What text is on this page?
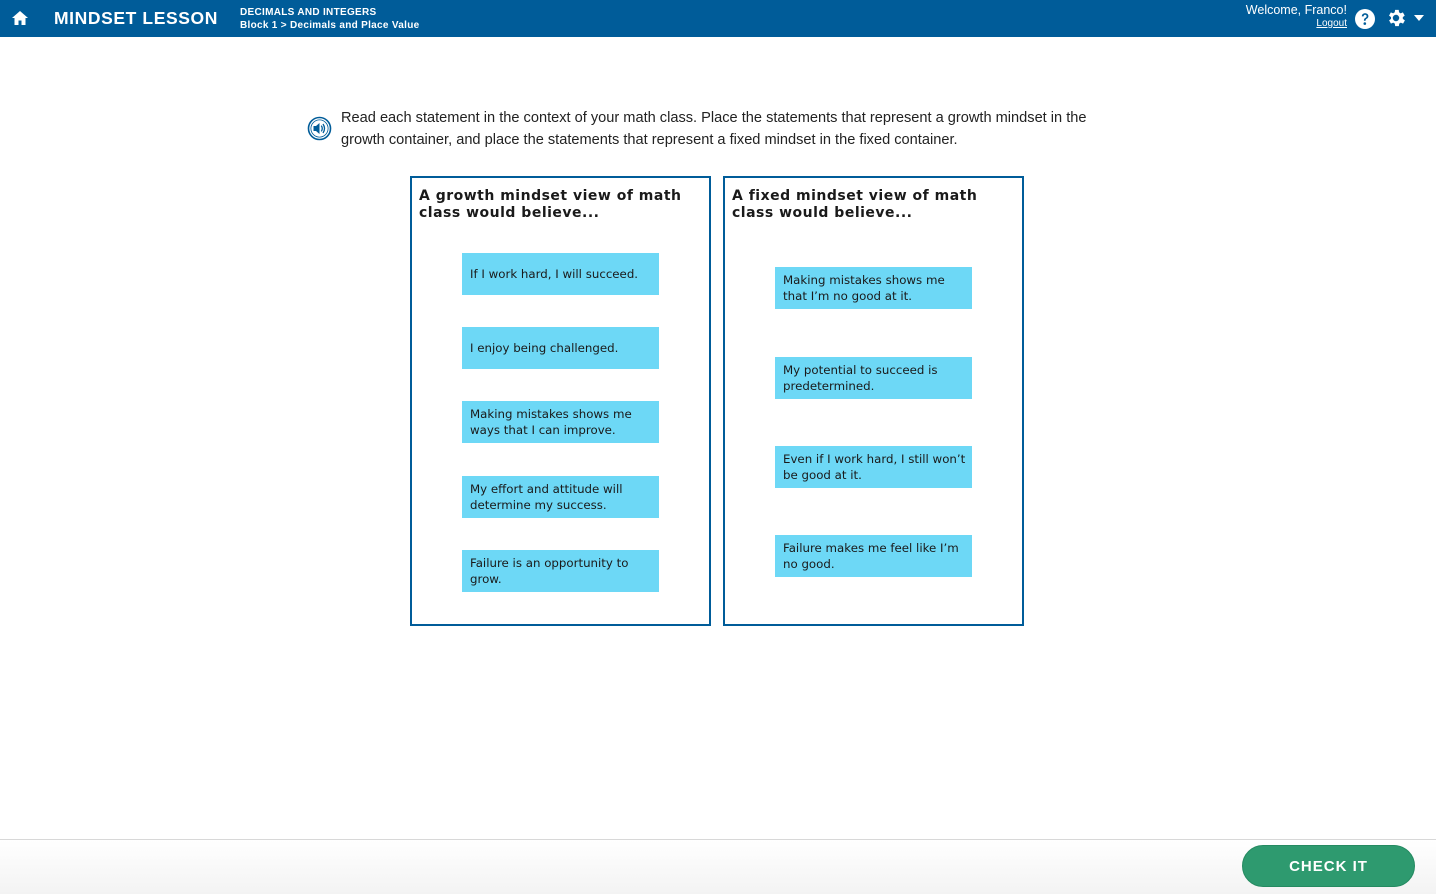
MINDSET LESSON DECIMALS AND INTEGERS
Block 1 > Decimals and Place Value
Welcome, Franco!
Logout
Read each statement in the context of your math class. Place the statements that represent a growth mindset in the growth container, and place the statements that represent a fixed mindset in the fixed container.
A growth mindset view of math class would believe...
If I work hard, I will succeed.
I enjoy being challenged.
Making mistakes shows me ways that I can improve.
My effort and attitude will determine my success.
Failure is an opportunity to grow.
A fixed mindset view of math class would believe...
Making mistakes shows me that I’m no good at it.
My potential to succeed is predetermined.
Even if I work hard, I still won’t be good at it.
Failure makes me feel like I’m no good.
CHECK IT
